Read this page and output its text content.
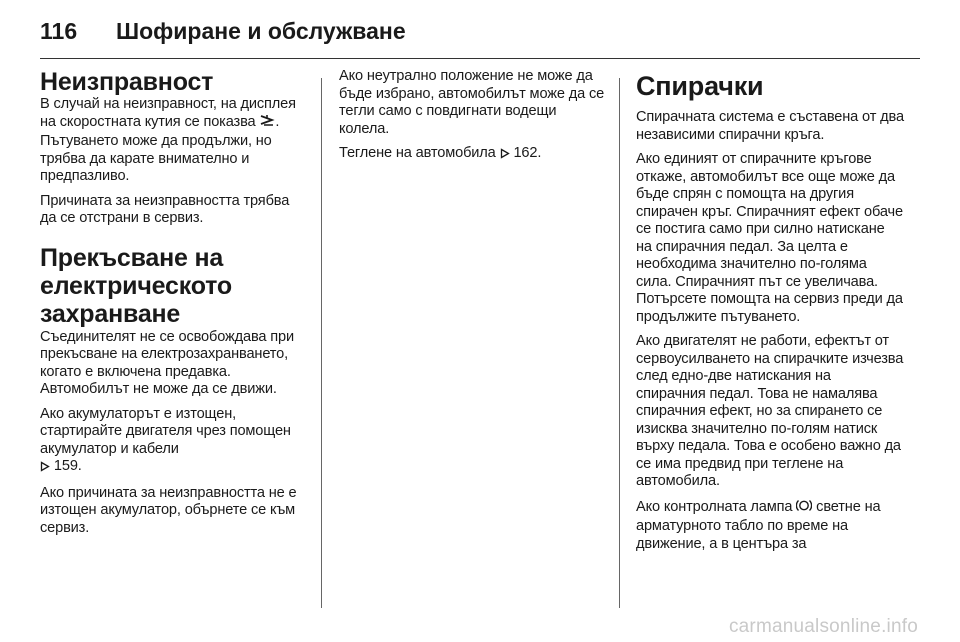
116	Шофиране и обслужване
Неизправност

В случай на неизправност, на дисплея на скоростната кутия се показва . Пътуването може да продължи, но трябва да карате внимателно и предпазливо.

Причината за неизправността трябва да се отстрани в сервиз.

Прекъсване на електрическото захранване

Съединителят не се освобождава при прекъсване на електрозахранването, когато е включена предавка. Автомобилът не може да се движи.

Ако акумулаторът е изтощен, стартирайте двигателя чрез помощен акумулатор и кабели
159.

Ако причината за неизправността не е изтощен акумулатор, обърнете се към сервиз.

Ако неутрално положение не може да бъде избрано, автомобилът може да се тегли само с повдигнати водещи колела.

Теглене на автомобила  162.

Спирачки

Спирачната система е съставена от два независими спирачни кръга.

Ако единият от спирачните кръгове откаже, автомобилът все още може да бъде спрян с помощта на другия спирачен кръг. Спирачният ефект обаче се постига само при силно натискане на спирачния педал. За целта е необходима значително по-голяма сила. Спирачният път се увеличава. Потърсете помощта на сервиз преди да продължите пътуването.

Ако двигателят не работи, ефектът от сервоусилването на спирачките изчезва след едно-две натискания на спирачния педал. Това не намалява спирачния ефект, но за спирането се изисква значително по-голям натиск върху педала. Това е особено важно да се има предвид при теглене на автомобила.

Ако контролната лампа  светне на арматурното табло по време на движение, а в центъра за

carmanualsonline.info
